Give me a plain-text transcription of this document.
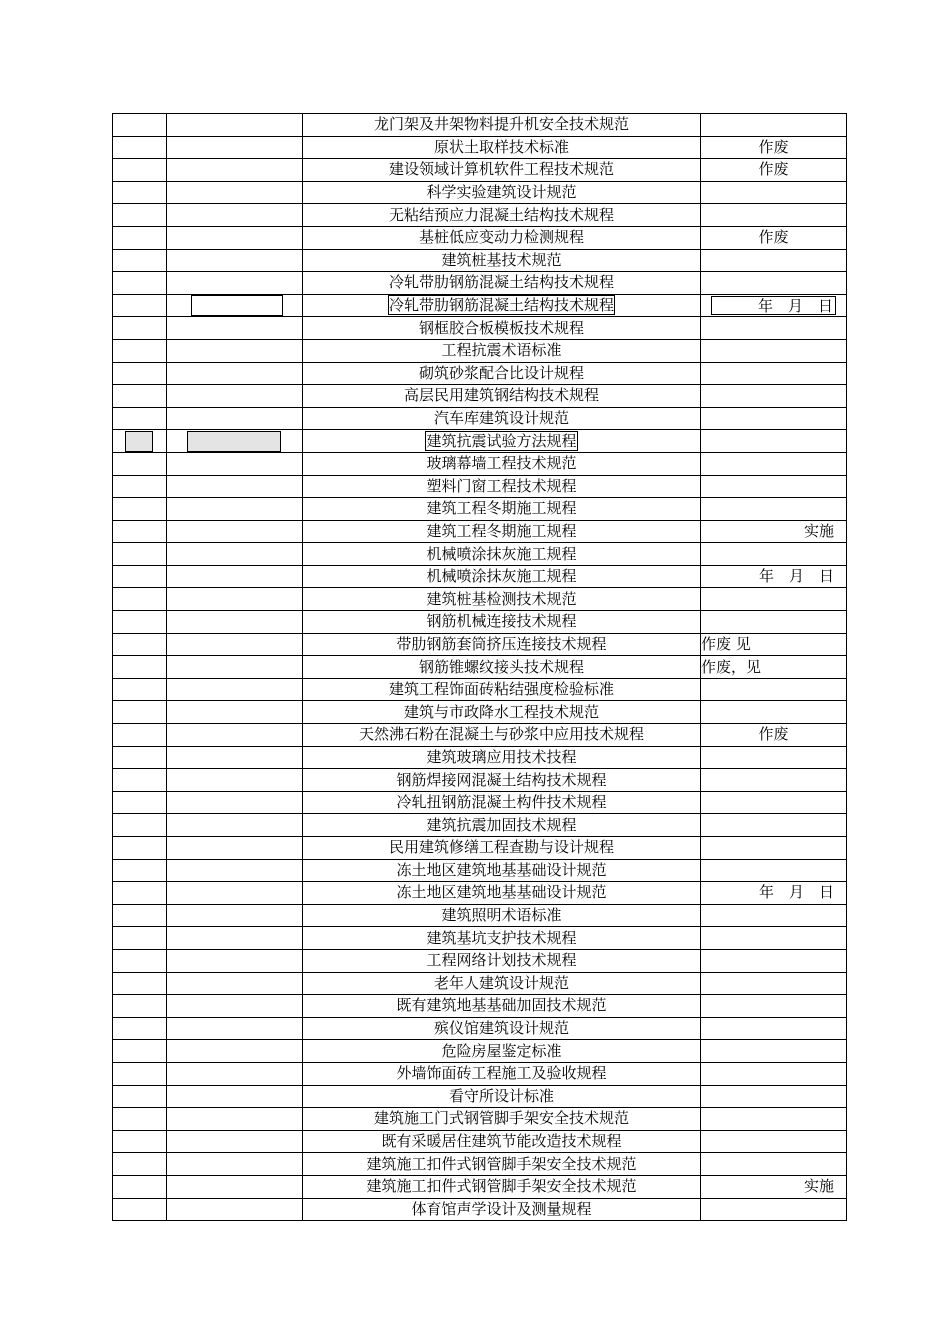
		龙门架及井架物料提升机安全技术规范	

		原状土取样技术标准	作废

		建设领域计算机软件工程技术规范	作废

		科学实验建筑设计规范	

		无粘结预应力混凝土结构技术规程	

		基桩低应变动力检测规程	作废

		建筑桩基技术规范	

		冷轧带肋钢筋混凝土结构技术规程	

	冷轧带肋钢筋混凝土结构技术规程	年　月　日

		钢框胶合板模板技术规程	

		工程抗震术语标准	

		砌筑砂浆配合比设计规程	

		高层民用建筑钢结构技术规程	

		汽车库建筑设计规范	

	建筑抗震试验方法规程	

		玻璃幕墙工程技术规范	

		塑料门窗工程技术规程	

		建筑工程冬期施工规程	

		建筑工程冬期施工规程	实施

		机械喷涂抹灰施工规程	

		机械喷涂抹灰施工规程	年　月　日

		建筑桩基检测技术规范	

		钢筋机械连接技术规程	

		带肋钢筋套筒挤压连接技术规程	作废 见

		钢筋锥螺纹接头技术规程	作废，见

		建筑工程饰面砖粘结强度检验标准	

		建筑与市政降水工程技术规范	

		天然沸石粉在混凝土与砂浆中应用技术规程	作废

		建筑玻璃应用技术技程	

		钢筋焊接网混凝土结构技术规程	

		冷轧扭钢筋混凝土构件技术规程	

		建筑抗震加固技术规程	

		民用建筑修缮工程查勘与设计规程	

		冻土地区建筑地基基础设计规范	

		冻土地区建筑地基基础设计规范	年　月　日

		建筑照明术语标准	

		建筑基坑支护技术规程	

		工程网络计划技术规程	

		老年人建筑设计规范	

		既有建筑地基基础加固技术规范	

		殡仪馆建筑设计规范	

		危险房屋鉴定标准	

		外墙饰面砖工程施工及验收规程	

		看守所设计标准	

		建筑施工门式钢管脚手架安全技术规范	

		既有采暖居住建筑节能改造技术规程	

		建筑施工扣件式钢管脚手架安全技术规范	

		建筑施工扣件式钢管脚手架安全技术规范	实施

		体育馆声学设计及测量规程	
